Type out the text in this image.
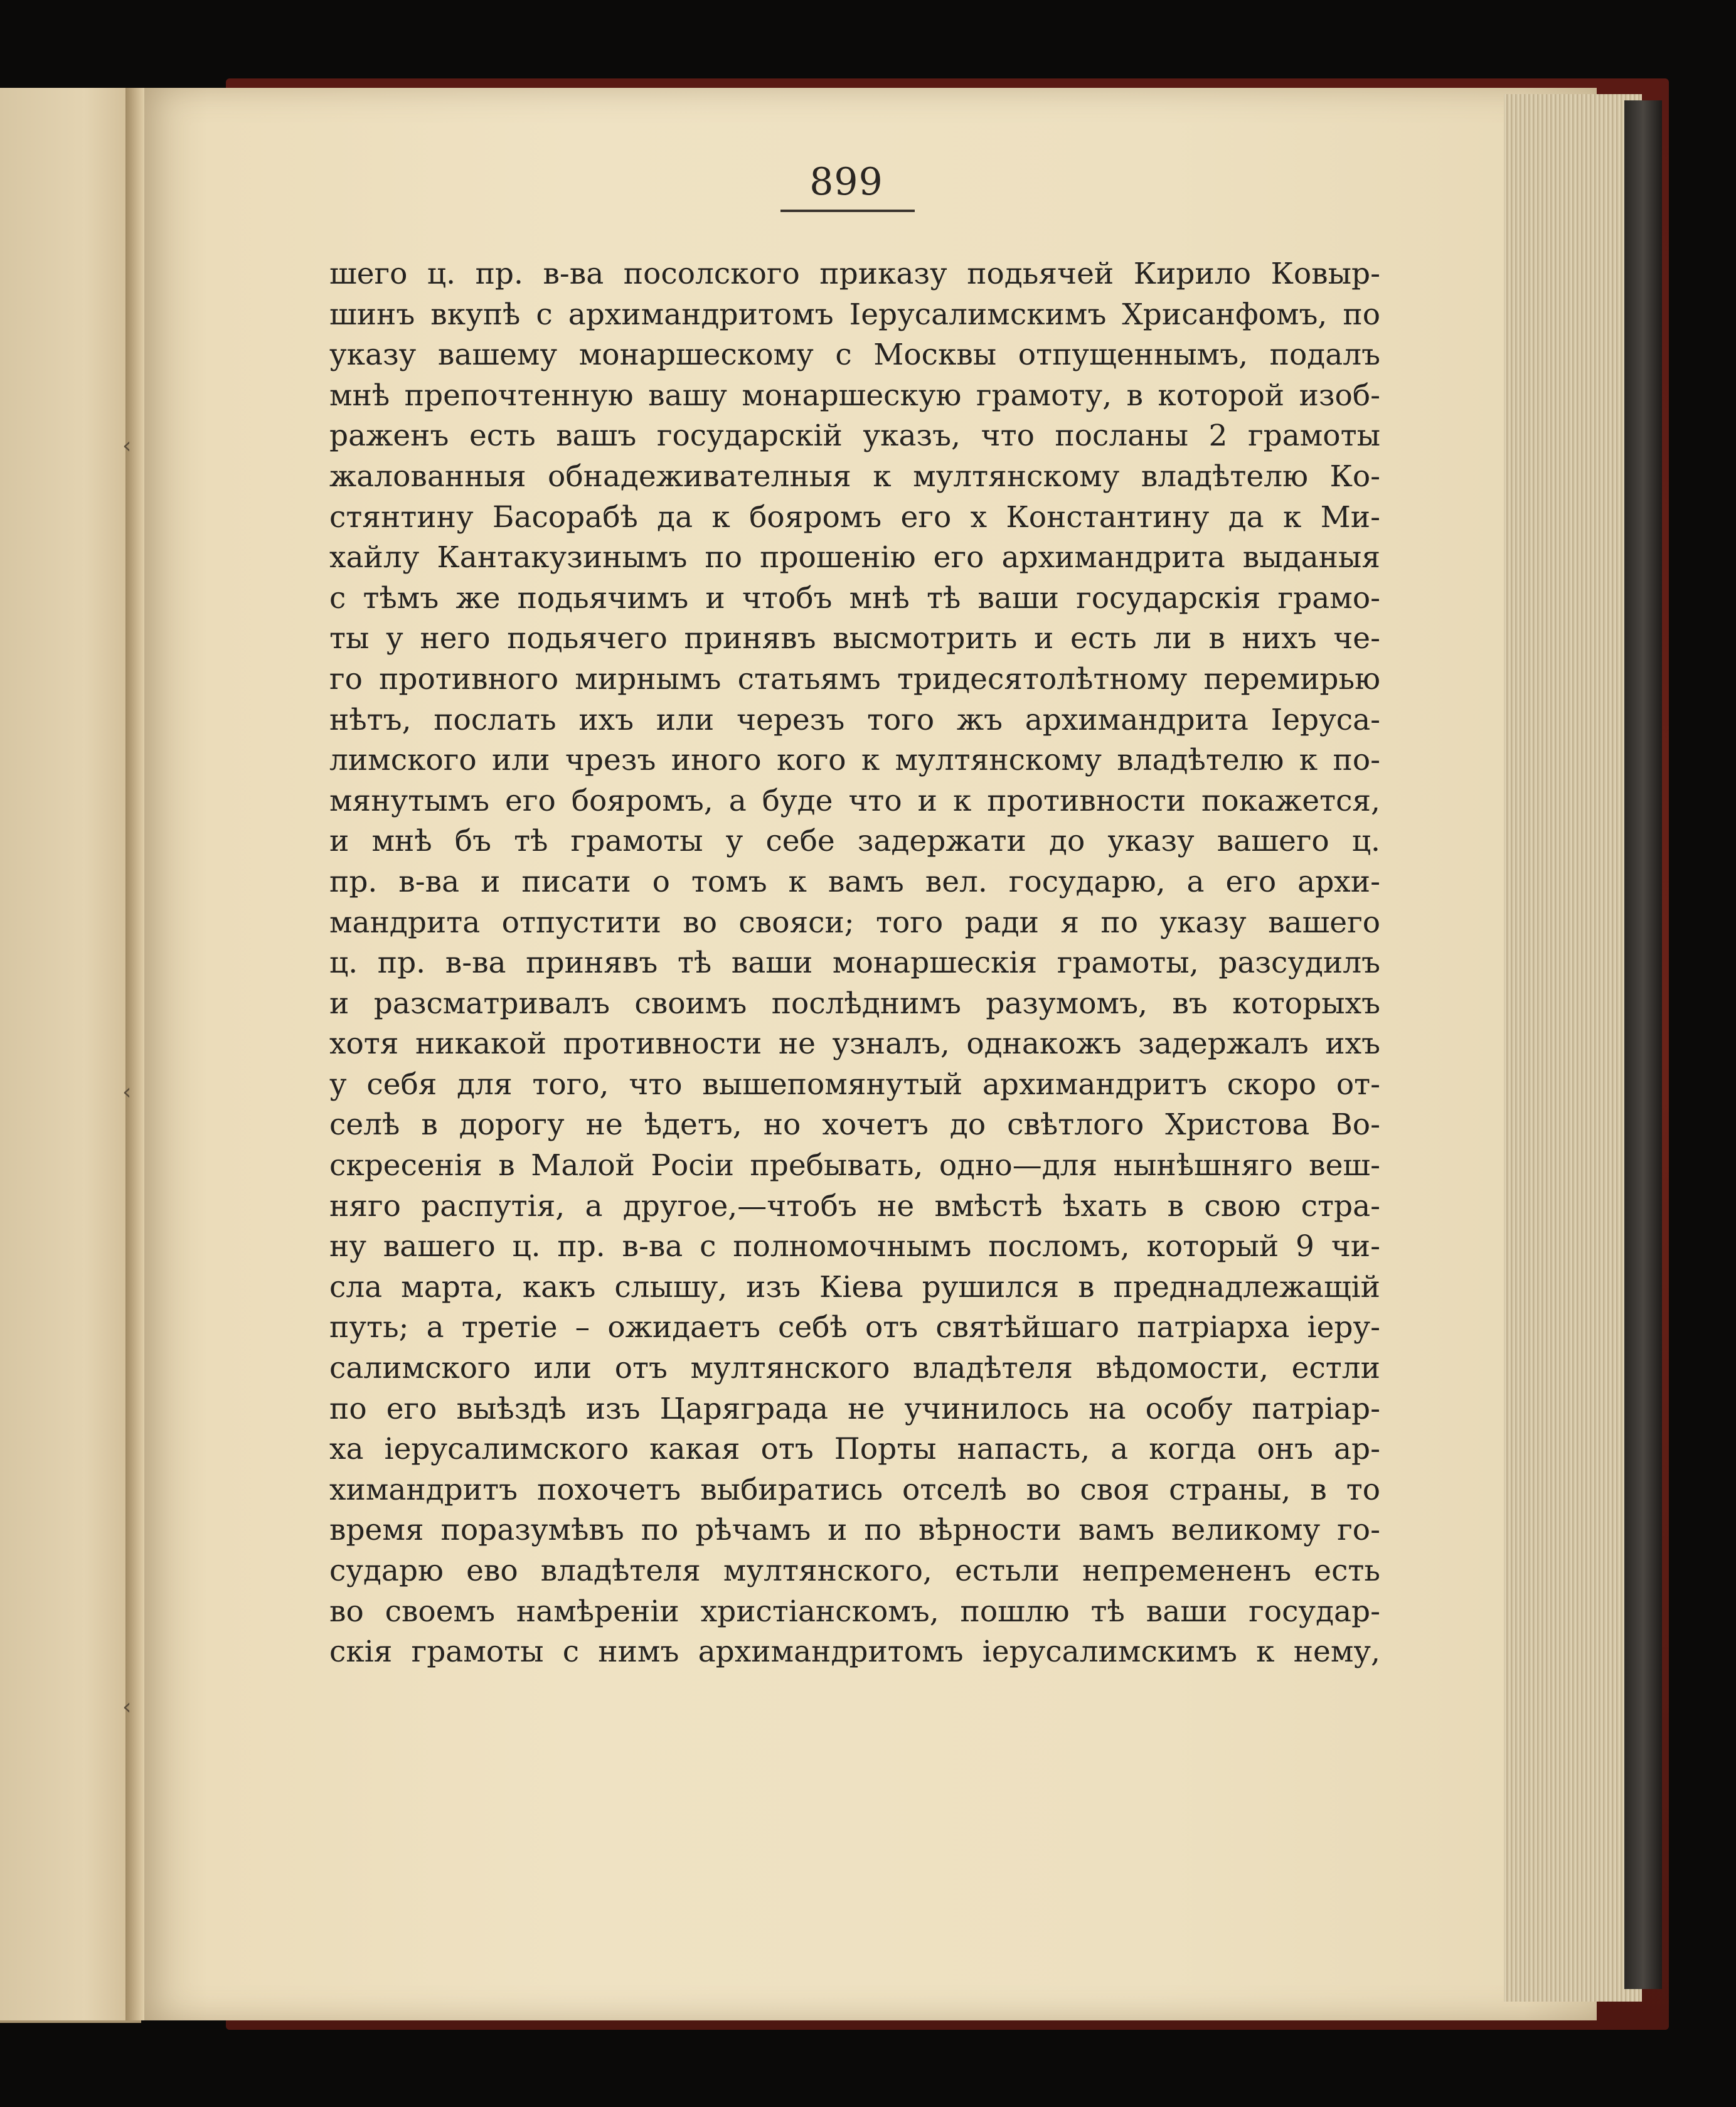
‹
‹
‹
899
шего ц. пр. в-ва посолского приказу подьячей Кирило Ковыр-
шинъ вкупѣ с архимандритомъ Іерусалимскимъ Хрисанфомъ, по
указу вашему монаршескому с Москвы отпущеннымъ, подалъ
мнѣ препочтенную вашу монаршескую грамоту, в которой изоб-
раженъ есть вашъ государскій указъ, что посланы 2 грамоты
жалованныя обнадеживателныя к мултянскому владѣтелю Ко-
стянтину Басорабѣ да к бояромъ его х Константину да к Ми-
хайлу Кантакузинымъ по прошенію его архимандрита выданыя
с тѣмъ же подьячимъ и чтобъ мнѣ тѣ ваши государскія грамо-
ты у него подьячего принявъ высмотрить и есть ли в нихъ че-
го противного мирнымъ статьямъ тридесятолѣтному перемирью
нѣтъ, послать ихъ или черезъ того жъ архимандрита Іеруса-
лимского или чрезъ иного кого к мултянскому владѣтелю к по-
мянутымъ его бояромъ, а буде что и к противности покажется,
и мнѣ бъ тѣ грамоты у себе задержати до указу вашего ц.
пр. в-ва и писати о томъ к вамъ вел. государю, а его архи-
мандрита отпустити во свояси; того ради я по указу вашего
ц. пр. в-ва принявъ тѣ ваши монаршескія грамоты, разсудилъ
и разсматривалъ своимъ послѣднимъ разумомъ, въ которыхъ
хотя никакой противности не узналъ, однакожъ задержалъ ихъ
у себя для того, что вышепомянутый архимандритъ скоро от-
селѣ в дорогу не ѣдетъ, но хочетъ до свѣтлого Христова Во-
скресенія в Малой Росіи пребывать, одно—для нынѣшняго веш-
няго распутія, а другое,—чтобъ не вмѣстѣ ѣхать в свою стра-
ну вашего ц. пр. в-ва с полномочнымъ посломъ, который 9 чи-
сла марта, какъ слышу, изъ Кіева рушился в преднадлежащій
путь; а третіе – ожидаетъ себѣ отъ святѣйшаго патріарха іеру-
салимского или отъ мултянского владѣтеля вѣдомости, естли
по его выѣздѣ изъ Царяграда не учинилось на особу патріар-
ха іерусалимского какая отъ Порты напасть, а когда онъ ар-
химандритъ похочетъ выбиратись отселѣ во своя страны, в то
время поразумѣвъ по рѣчамъ и по вѣрности вамъ великому го-
сударю ево владѣтеля мултянского, естьли непремененъ есть
во своемъ намѣреніи христіанскомъ, пошлю тѣ ваши государ-
скія грамоты с нимъ архимандритомъ іерусалимскимъ к нему,
